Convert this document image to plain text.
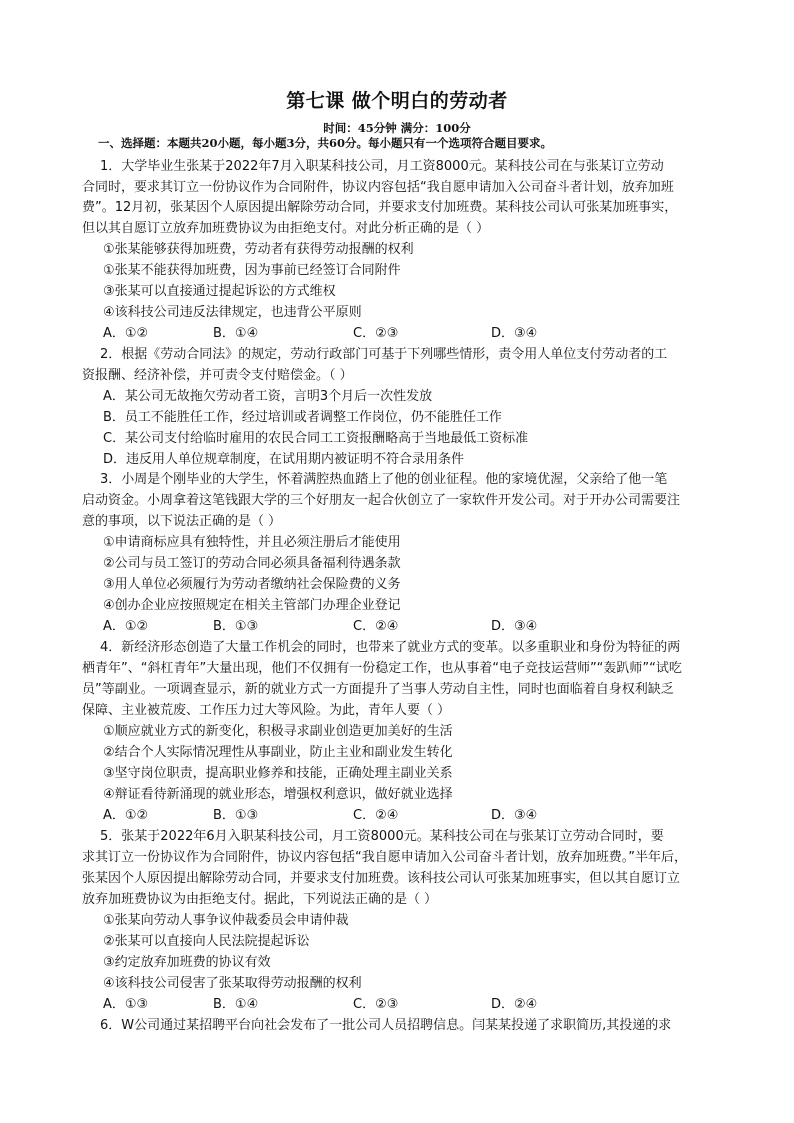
第七课 做个明白的劳动者
时间：45分钟 满分：100分
一、选择题：本题共20小题，每小题3分，共60分。每小题只有一个选项符合题目要求。
1．大学毕业生张某于2022年7月入职某科技公司，月工资8000元。某科技公司在与张某订立劳动
合同时，要求其订立一份协议作为合同附件，协议内容包括“我自愿申请加入公司奋斗者计划，放弃加班
费”。12月初，张某因个人原因提出解除劳动合同，并要求支付加班费。某科技公司认可张某加班事实，
但以其自愿订立放弃加班费协议为由拒绝支付。对此分析正确的是（ ）
①张某能够获得加班费，劳动者有获得劳动报酬的权利
①张某不能获得加班费，因为事前已经签订合同附件
③张某可以直接通过提起诉讼的方式维权
④该科技公司违反法律规定，也违背公平原则
A．①②	B．①④	C．②③	D．③④
2．根据《劳动合同法》的规定，劳动行政部门可基于下列哪些情形，责令用人单位支付劳动者的工
资报酬、经济补偿，并可责令支付赔偿金。（ ）
A．某公司无故拖欠劳动者工资，言明3个月后一次性发放
B．员工不能胜任工作，经过培训或者调整工作岗位，仍不能胜任工作
C．某公司支付给临时雇用的农民合同工工资报酬略高于当地最低工资标准
D．违反用人单位规章制度，在试用期内被证明不符合录用条件
3．小周是个刚毕业的大学生，怀着满腔热血踏上了他的创业征程。他的家境优渥，父亲给了他一笔
启动资金。小周拿着这笔钱跟大学的三个好朋友一起合伙创立了一家软件开发公司。对于开办公司需要注
意的事项，以下说法正确的是（ ）
①申请商标应具有独特性，并且必须注册后才能使用
②公司与员工签订的劳动合同必须具备福利待遇条款
③用人单位必须履行为劳动者缴纳社会保险费的义务
④创办企业应按照规定在相关主管部门办理企业登记
A．①②	B．①③	C．②④	D．③④
4．新经济形态创造了大量工作机会的同时，也带来了就业方式的变革。以多重职业和身份为特征的两
栖青年”、“斜杠青年”大量出现，他们不仅拥有一份稳定工作，也从事着“电子竞技运营师”“轰趴师”“试吃
员”等副业。一项调查显示，新的就业方式一方面提升了当事人劳动自主性，同时也面临着自身权利缺乏
保障、主业被荒废、工作压力过大等风险。为此，青年人要（ ）
①顺应就业方式的新变化，积极寻求副业创造更加美好的生活
②结合个人实际情况理性从事副业，防止主业和副业发生转化
③坚守岗位职责，提高职业修养和技能，正确处理主副业关系
④辩证看待新涌现的就业形态，增强权利意识，做好就业选择
A．①②	B．①③	C．②④	D．③④
5．张某于2022年6月入职某科技公司，月工资8000元。某科技公司在与张某订立劳动合同时，要
求其订立一份协议作为合同附件，协议内容包括“我自愿申请加入公司奋斗者计划，放弃加班费。”半年后，
张某因个人原因提出解除劳动合同，并要求支付加班费。该科技公司认可张某加班事实，但以其自愿订立
放弃加班费协议为由拒绝支付。据此，下列说法正确的是（ ）
①张某向劳动人事争议仲裁委员会申请仲裁
②张某可以直接向人民法院提起诉讼
③约定放弃加班费的协议有效
④该科技公司侵害了张某取得劳动报酬的权利
A．①③	B．①④	C．②③	D．②④
6．W公司通过某招聘平台向社会发布了一批公司人员招聘信息。闫某某投递了求职简历,其投递的求
